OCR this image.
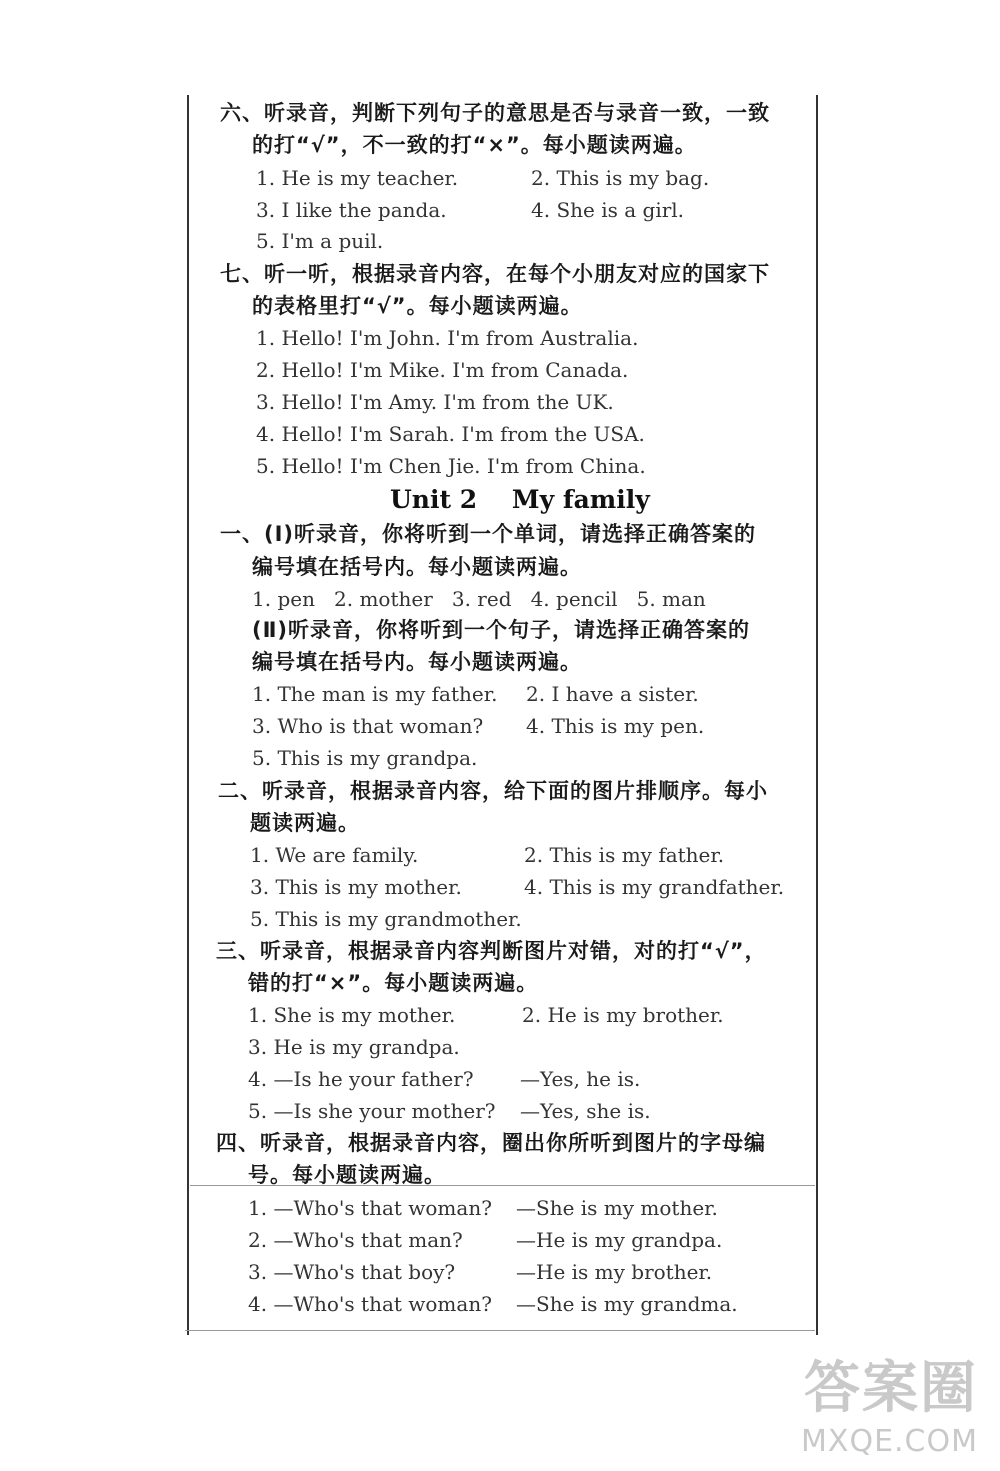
六、听录音，判断下列句子的意思是否与录音一致，一致
的打“√”，不一致的打“×”。每小题读两遍。
1. He is my teacher.	2. This is my bag.
3. I like the panda.	4. She is a girl.
5. I'm a puil.
七、听一听，根据录音内容，在每个小朋友对应的国家下
的表格里打“√”。每小题读两遍。
1. Hello! I'm John. I'm from Australia.
2. Hello! I'm Mike. I'm from Canada.
3. Hello! I'm Amy. I'm from the UK.
4. Hello! I'm Sarah. I'm from the USA.
5. Hello! I'm Chen Jie. I'm from China.
Unit 2    My family
一、(Ⅰ)听录音，你将听到一个单词，请选择正确答案的
编号填在括号内。每小题读两遍。
1. pen   2. mother   3. red   4. pencil   5. man
(Ⅱ)听录音，你将听到一个句子，请选择正确答案的
编号填在括号内。每小题读两遍。
1. The man is my father. 2. I have a sister.
3. Who is that woman? 4. This is my pen.
5. This is my grandpa.
二、听录音，根据录音内容，给下面的图片排顺序。每小
题读两遍。
1. We are family.	2. This is my father.
3. This is my mother.	4. This is my grandfather.
5. This is my grandmother.
三、听录音，根据录音内容判断图片对错，对的打“√”，
错的打“×”。每小题读两遍。
1. She is my mother.	2. He is my brother.
3. He is my grandpa.
4. —Is he your father? —Yes, he is.
5. —Is she your mother? —Yes, she is.
四、听录音，根据录音内容，圈出你所听到图片的字母编
号。每小题读两遍。
1. —Who's that woman? —She is my mother.
2. —Who's that man?	—He is my grandpa.
3. —Who's that boy?	—He is my brother.
4. —Who's that woman? —She is my grandma.
答案圈
MXQE.COM
